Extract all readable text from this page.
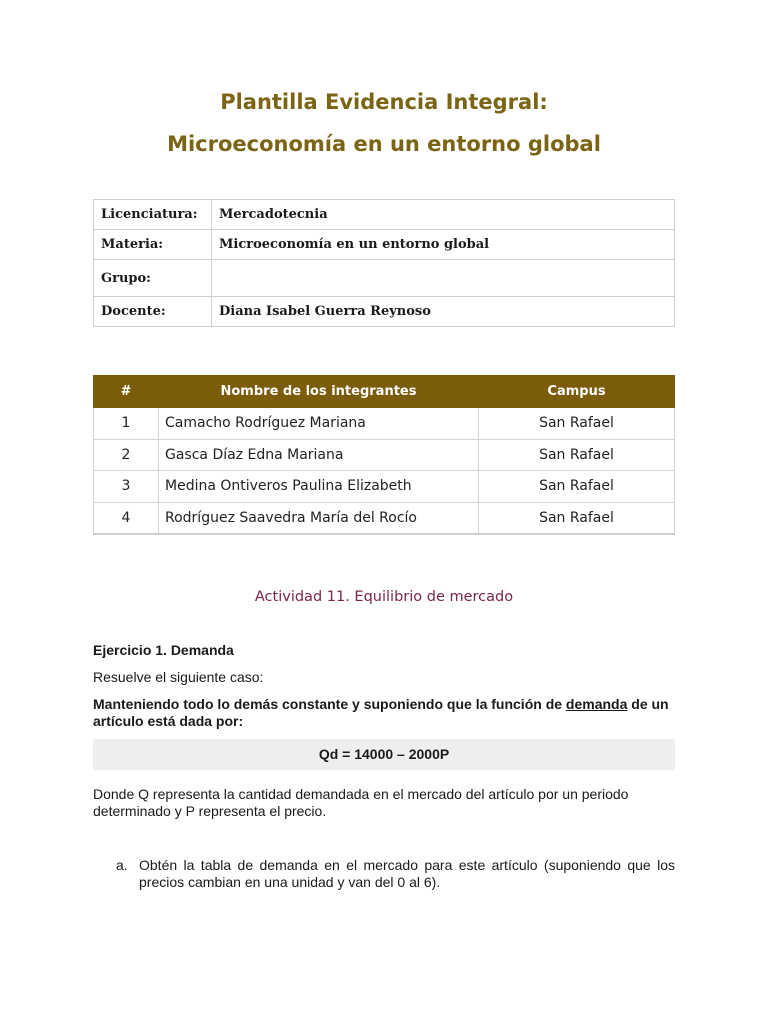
Plantilla Evidencia Integral:
Microeconomía en un entorno global
Licenciatura:	Mercadotecnia
Materia:	Microeconomía en un entorno global
Grupo:	
Docente:	Diana Isabel Guerra Reynoso
#	Nombre de los integrantes	Campus
1	Camacho Rodríguez Mariana	San Rafael
2	Gasca Díaz Edna Mariana	San Rafael
3	Medina Ontiveros Paulina Elizabeth	San Rafael
4	Rodríguez Saavedra María del Rocío	San Rafael
Actividad 11. Equilibrio de mercado
Ejercicio 1. Demanda
Resuelve el siguiente caso:
Manteniendo todo lo demás constante y suponiendo que la función de demanda de un artículo está dada por:
Qd = 14000 – 2000P
Donde Q representa la cantidad demandada en el mercado del artículo por un periodo determinado y P representa el precio.
a. Obtén la tabla de demanda en el mercado para este artículo (suponiendo que los precios cambian en una unidad y van del 0 al 6).
